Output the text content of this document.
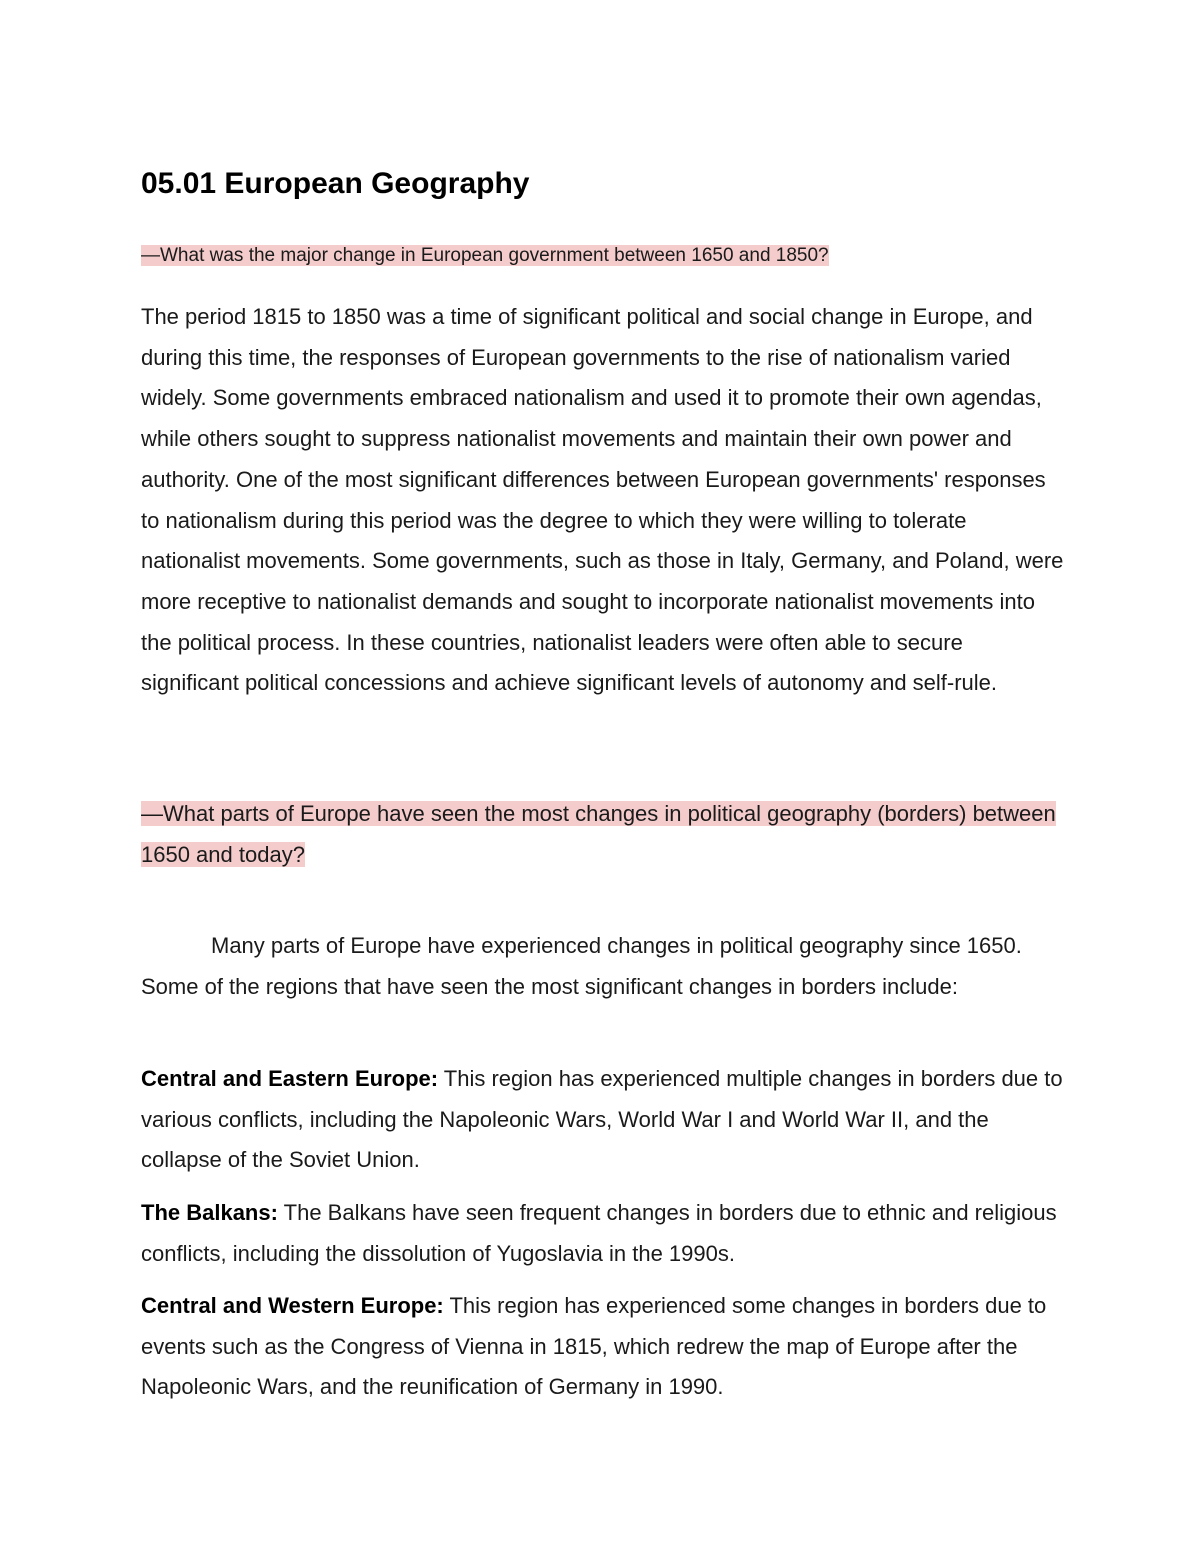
05.01 European Geography

—What was the major change in European government between 1650 and 1850?

The period 1815 to 1850 was a time of significant political and social change in Europe, and during this time, the responses of European governments to the rise of nationalism varied widely. Some governments embraced nationalism and used it to promote their own agendas, while others sought to suppress nationalist movements and maintain their own power and authority. One of the most significant differences between European governments' responses to nationalism during this period was the degree to which they were willing to tolerate nationalist movements. Some governments, such as those in Italy, Germany, and Poland, were more receptive to nationalist demands and sought to incorporate nationalist movements into the political process. In these countries, nationalist leaders were often able to secure significant political concessions and achieve significant levels of autonomy and self-rule.

—What parts of Europe have seen the most changes in political geography (borders) between 1650 and today?

Many parts of Europe have experienced changes in political geography since 1650. Some of the regions that have seen the most significant changes in borders include:

Central and Eastern Europe: This region has experienced multiple changes in borders due to various conflicts, including the Napoleonic Wars, World War I and World War II, and the collapse of the Soviet Union.

The Balkans: The Balkans have seen frequent changes in borders due to ethnic and religious conflicts, including the dissolution of Yugoslavia in the 1990s.

Central and Western Europe: This region has experienced some changes in borders due to events such as the Congress of Vienna in 1815, which redrew the map of Europe after the Napoleonic Wars, and the reunification of Germany in 1990.
